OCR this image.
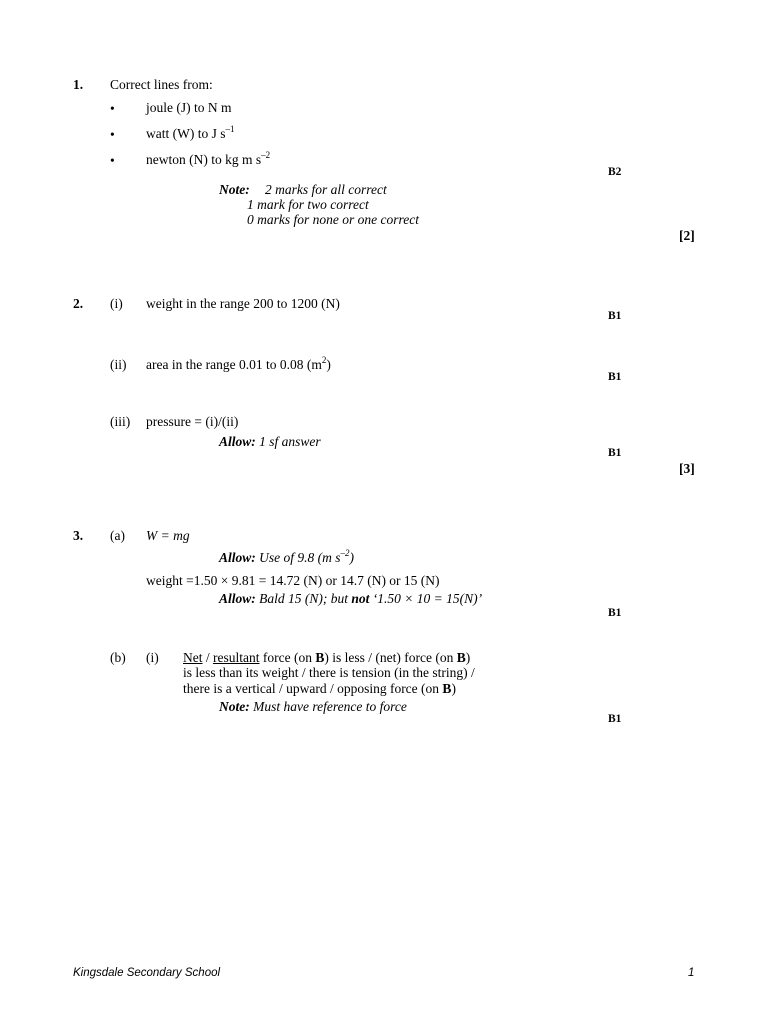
1. Correct lines from:
• joule (J) to N m
• watt (W) to J $s^{-1}$
• newton (N) to kg m $s^{-2}$
B2
Note: 2 marks for all correct
1 mark for two correct
0 marks for none or one correct
[2]
2. (i) weight in the range 200 to 1200 (N)
B1
(ii) area in the range 0.01 to 0.08 $(m^2)$
B1
(iii) pressure = (i)/(ii)
Allow: 1 sf answer
B1
[3]
3. (a) W = mg
Allow: Use of 9.8 (m $s^{-2}$)
weight =1.50 × 9.81 = 14.72 (N) or 14.7 (N) or 15 (N)
Allow: Bald 15 (N); but not ‘1.50 × 10 = 15(N)’
B1
(b) (i) Net / resultant force (on B) is less / (net) force (on B)
is less than its weight / there is tension (in the string) /
there is a vertical / upward / opposing force (on B)
Note: Must have reference to force
B1
Kingsdale Secondary School	1
